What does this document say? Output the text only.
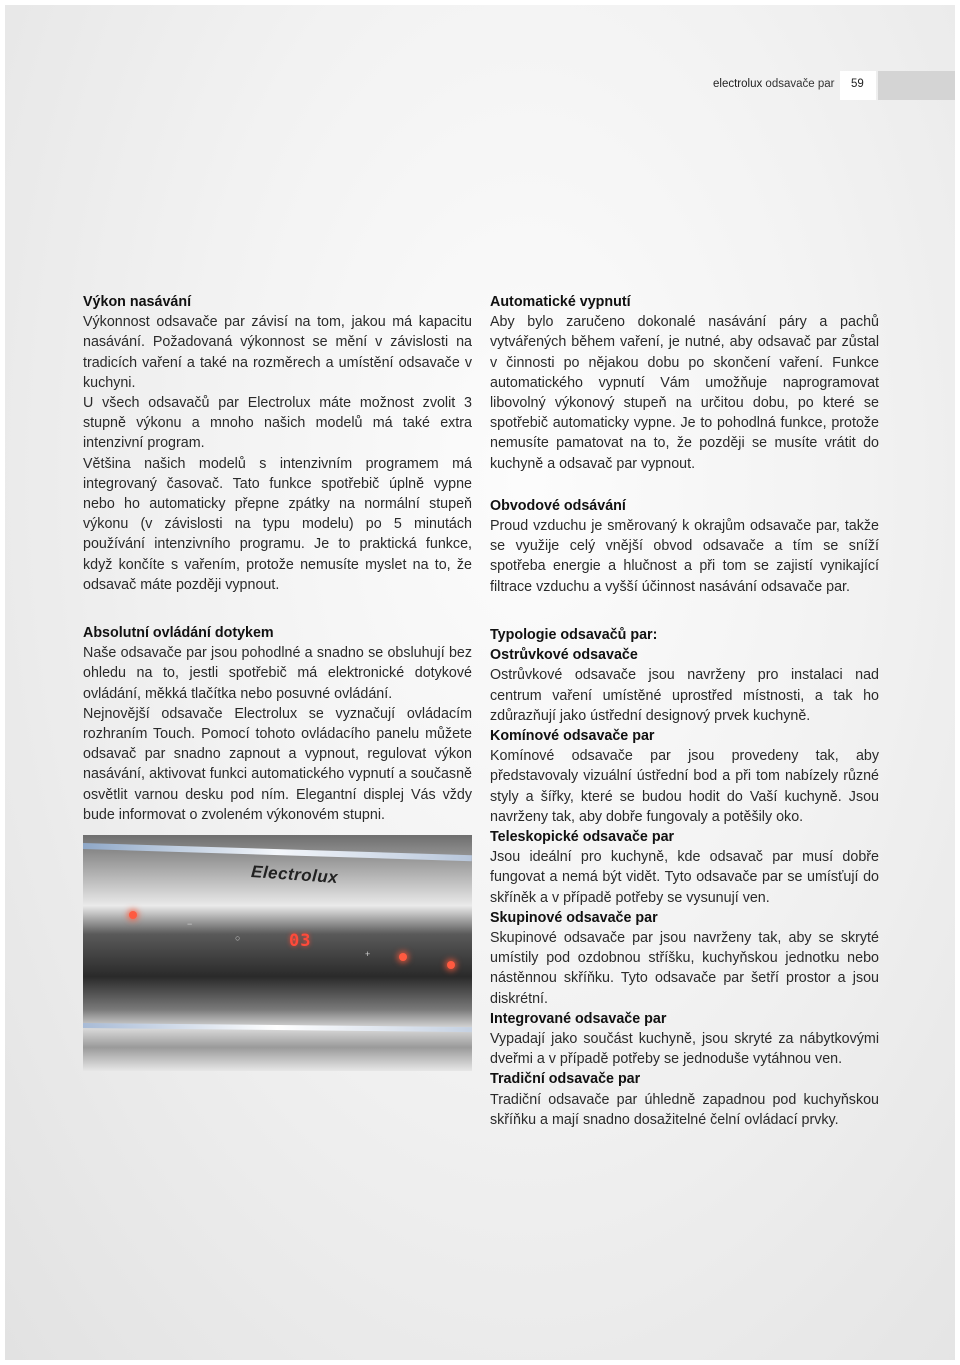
electrolux odsavače par 59
Výkon nasávání

Výkonnost odsavače par závisí na tom, jakou má kapacitu nasávání. Požadovaná výkonnost se mění v závislosti na tradicích vaření a také na rozměrech a umístění odsavače v kuchyni.

U všech odsavačů par Electrolux máte možnost zvolit 3 stupně výkonu a mnoho našich modelů má také extra intenzivní program.

Většina našich modelů s intenzivním programem má integrovaný časovač. Tato funkce spotřebič úplně vypne nebo ho automaticky přepne zpátky na normální stupeň výkonu (v závislosti na typu modelu) po 5 minutách používání intenzivního programu. Je to praktická funkce, když končíte s vařením, protože nemusíte myslet na to, že odsavač máte později vypnout.

Absolutní ovládání dotykem

Naše odsavače par jsou pohodlné a snadno se obsluhují bez ohledu na to, jestli spotřebič má elektronické dotykové ovládání, měkká tlačítka nebo posuvné ovládání.

Nejnovější odsavače Electrolux se vyznačují ovládacím rozhraním Touch. Pomocí tohoto ovládacího panelu můžete odsavač par snadno zapnout a vypnout, regulovat výkon nasávání, aktivovat funkci automatického vypnutí a současně osvětlit varnou desku pod ním. Elegantní displej Vás vždy bude informovat o zvoleném výkonovém stupni.

Electrolux
−
○	03
+
Automatické vypnutí

Aby bylo zaručeno dokonalé nasávání páry a pachů vytvářených během vaření, je nutné, aby odsavač par zůstal v činnosti po nějakou dobu po skončení vaření. Funkce automatického vypnutí Vám umožňuje naprogramovat libovolný výkonový stupeň na určitou dobu, po které se spotřebič automaticky vypne. Je to pohodlná funkce, protože nemusíte pamatovat na to, že později se musíte vrátit do kuchyně a odsavač par vypnout.

Obvodové odsávání

Proud vzduchu je směrovaný k okrajům odsavače par, takže se využije celý vnější obvod odsavače a tím se sníží spotřeba energie a hlučnost a při tom se zajistí vynikající filtrace vzduchu a vyšší účinnost nasávání odsavače par.

Typologie odsavačů par:
Ostrůvkové odsavače

Ostrůvkové odsavače jsou navrženy pro instalaci nad centrum vaření umístěné uprostřed místnosti, a tak ho zdůrazňují jako ústřední designový prvek kuchyně.

Komínové odsavače par

Komínové odsavače par jsou provedeny tak, aby představovaly vizuální ústřední bod a při tom nabízely různé styly a šířky, které se budou hodit do Vaší kuchyně. Jsou navrženy tak, aby dobře fungovaly a potěšily oko.

Teleskopické odsavače par

Jsou ideální pro kuchyně, kde odsavač par musí dobře fungovat a nemá být vidět. Tyto odsavače par se umísťují do skříněk a v případě potřeby se vysunují ven.

Skupinové odsavače par

Skupinové odsavače par jsou navrženy tak, aby se skryté umístily pod ozdobnou stříšku, kuchyňskou jednotku nebo nástěnnou skříňku. Tyto odsavače par šetří prostor a jsou diskrétní.

Integrované odsavače par

Vypadají jako součást kuchyně, jsou skryté za nábytkovými dveřmi a v případě potřeby se jednoduše vytáhnou ven.

Tradiční odsavače par

Tradiční odsavače par úhledně zapadnou pod kuchyňskou skříňku a mají snadno dosažitelné čelní ovládací prvky.
